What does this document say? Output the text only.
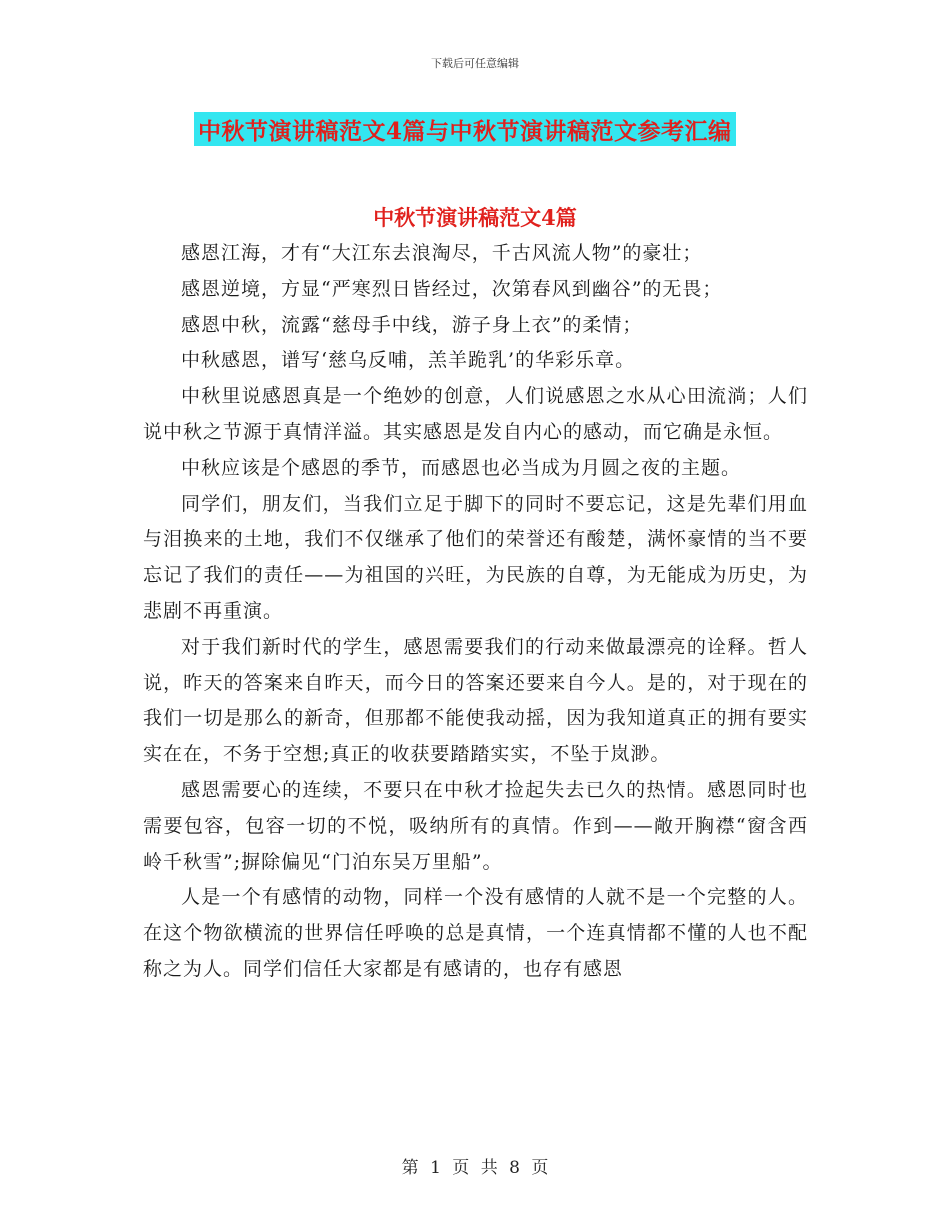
下载后可任意编辑
中秋节演讲稿范文4篇与中秋节演讲稿范文参考汇编
中秋节演讲稿范文4篇

感恩江海，才有“大江东去浪淘尽，千古风流人物”的豪壮；

感恩逆境，方显“严寒烈日皆经过，次第春风到幽谷”的无畏；

感恩中秋，流露“慈母手中线，游子身上衣”的柔情；

中秋感恩，谱写‘慈乌反哺，羔羊跪乳’的华彩乐章。

中秋里说感恩真是一个绝妙的创意，人们说感恩之水从心田流淌；人们说中秋之节源于真情洋溢。其实感恩是发自内心的感动，而它确是永恒。

中秋应该是个感恩的季节，而感恩也必当成为月圆之夜的主题。

同学们，朋友们，当我们立足于脚下的同时不要忘记，这是先辈们用血与泪换来的土地，我们不仅继承了他们的荣誉还有酸楚，满怀豪情的当不要忘记了我们的责任——为祖国的兴旺，为民族的自尊，为无能成为历史，为悲剧不再重演。

对于我们新时代的学生，感恩需要我们的行动来做最漂亮的诠释。哲人说，昨天的答案来自昨天，而今日的答案还要来自今人。是的，对于现在的我们一切是那么的新奇，但那都不能使我动摇，因为我知道真正的拥有要实实在在，不务于空想;真正的收获要踏踏实实，不坠于岚渺。

感恩需要心的连续，不要只在中秋才捡起失去已久的热情。感恩同时也需要包容，包容一切的不悦，吸纳所有的真情。作到——敞开胸襟“窗含西岭千秋雪”;摒除偏见“门泊东吴万里船”。

人是一个有感情的动物，同样一个没有感情的人就不是一个完整的人。在这个物欲横流的世界信任呼唤的总是真情，一个连真情都不懂的人也不配称之为人。同学们信任大家都是有感请的，也存有感恩

第 1 页 共 8 页
